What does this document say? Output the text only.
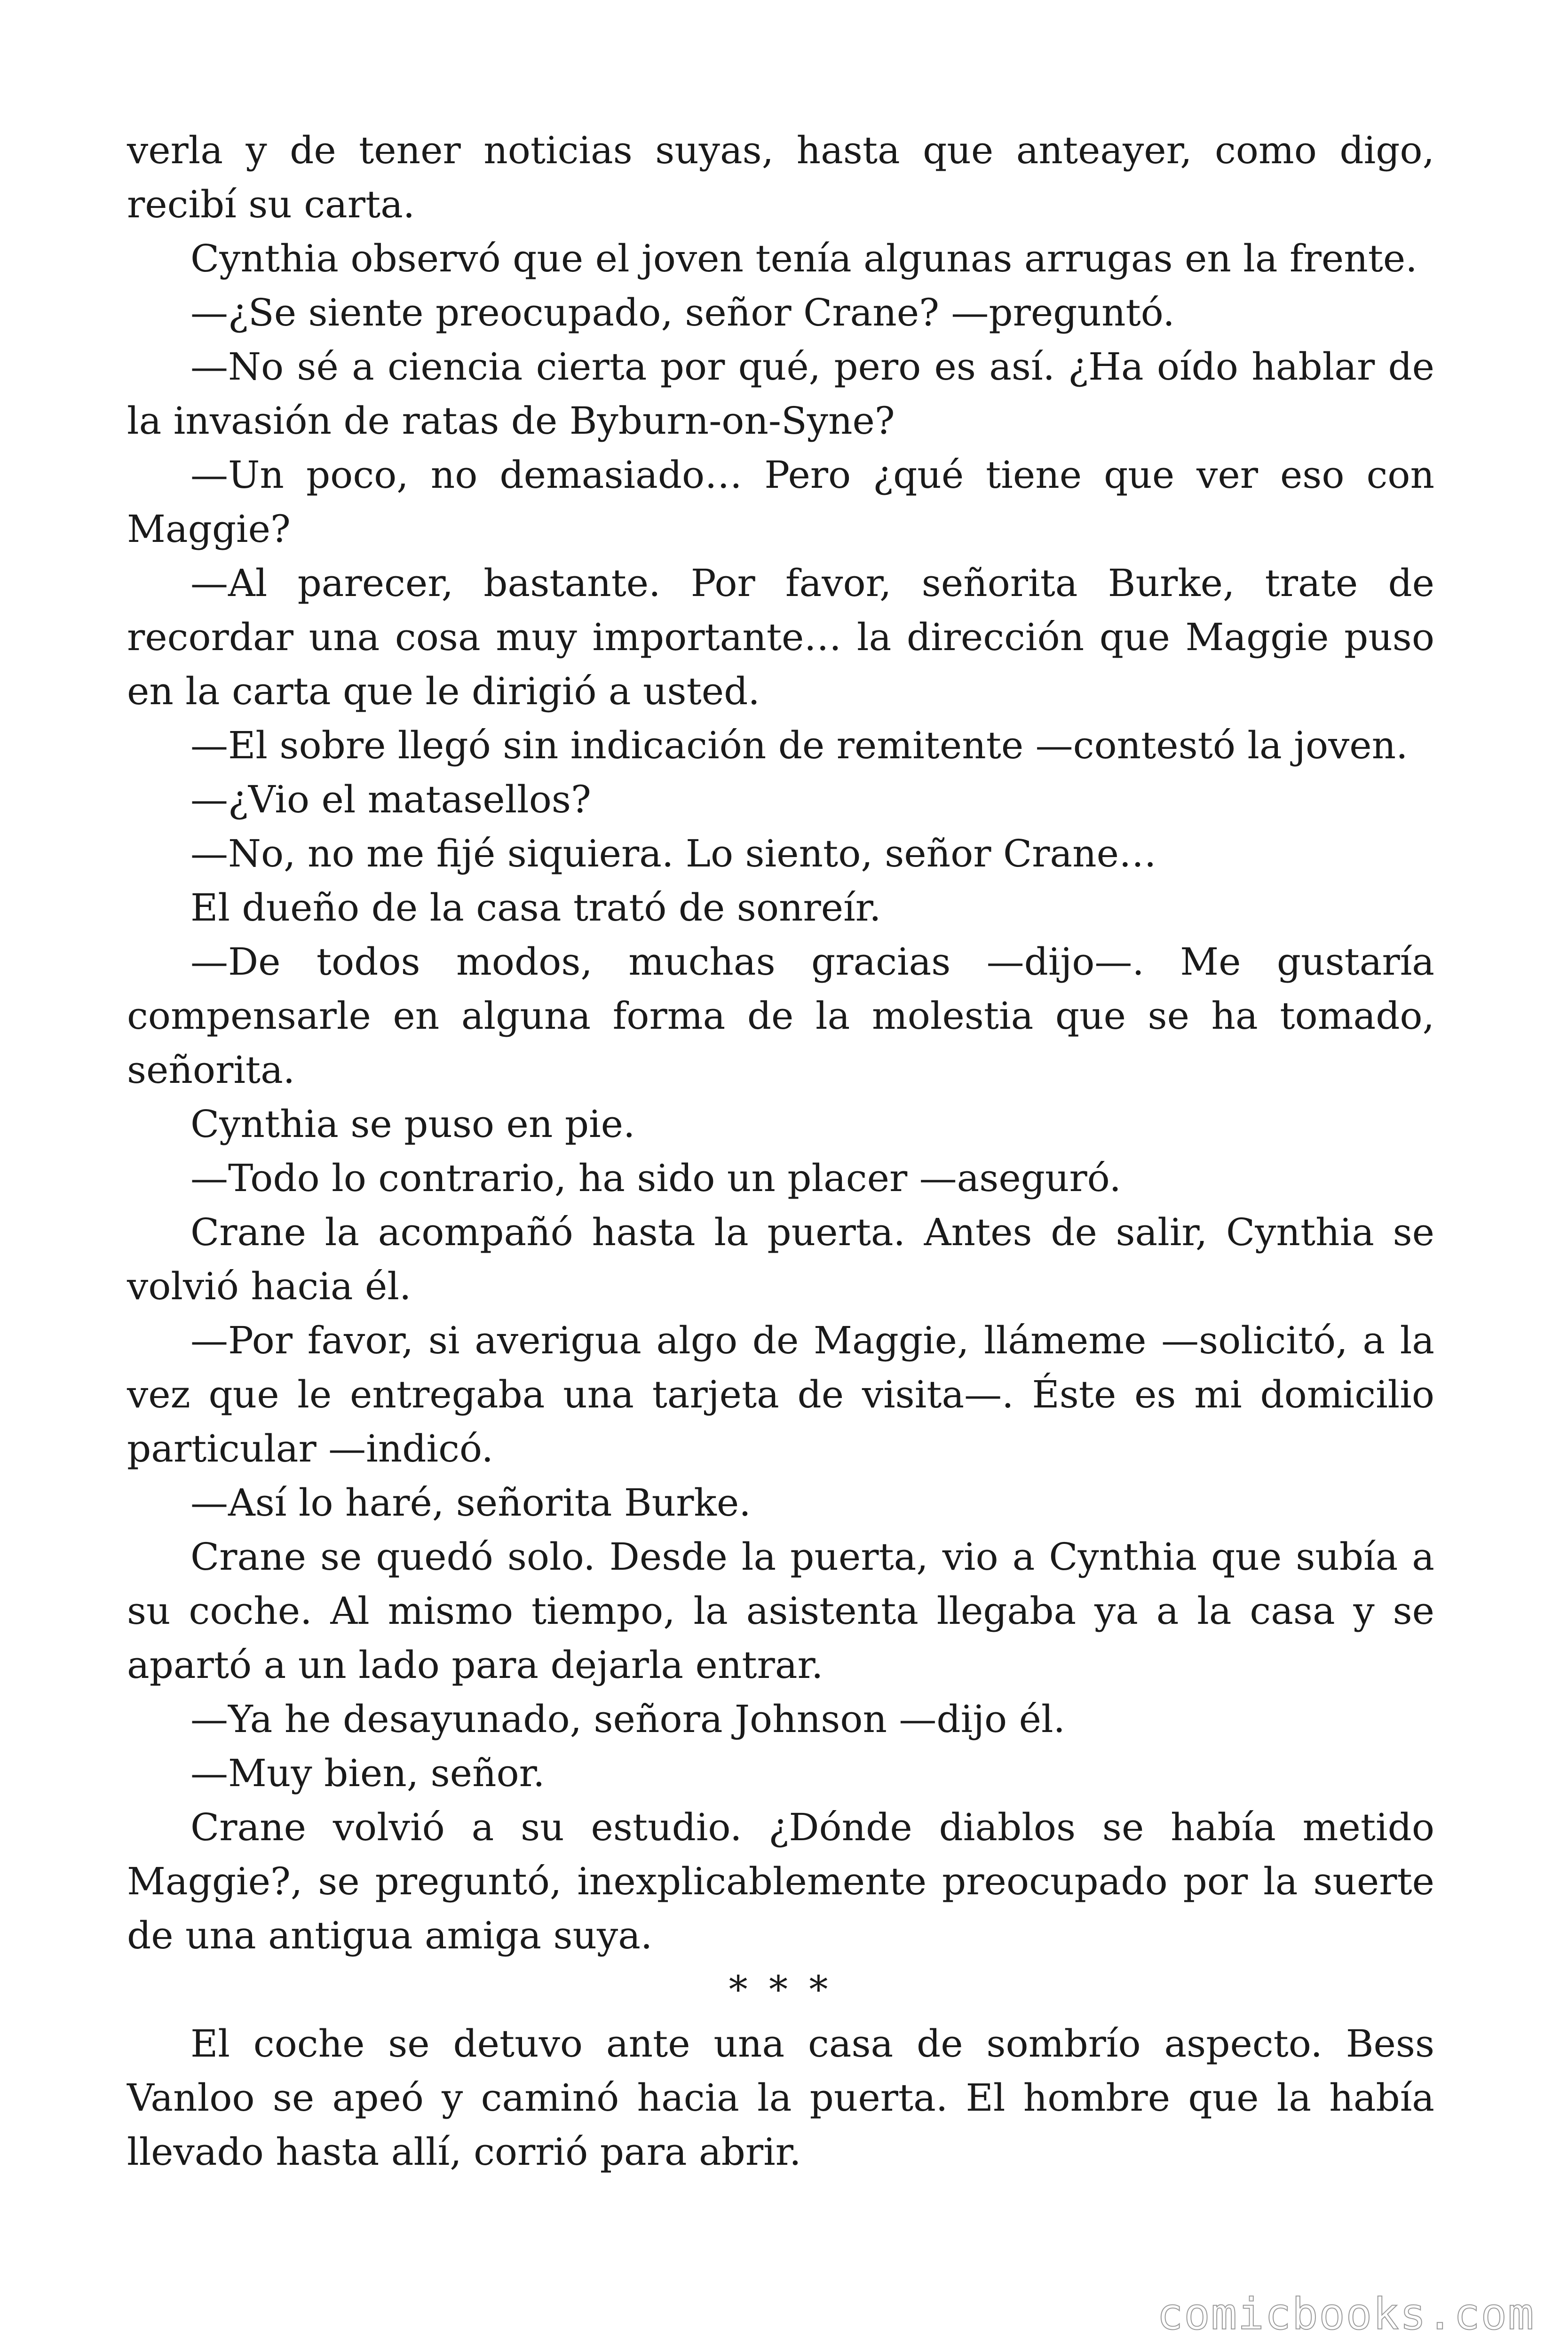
verla y de tener noticias suyas, hasta que anteayer, como digo, recibí su carta.

Cynthia observó que el joven tenía algunas arrugas en la frente.

—¿Se siente preocupado, señor Crane? —preguntó.

—No sé a ciencia cierta por qué, pero es así. ¿Ha oído hablar de la invasión de ratas de Byburn-on-Syne?

—Un poco, no demasiado… Pero ¿qué tiene que ver eso con Maggie?

—Al parecer, bastante. Por favor, señorita Burke, trate de recordar una cosa muy importante… la dirección que Maggie puso en la carta que le dirigió a usted.

—El sobre llegó sin indicación de remitente —contestó la joven.

—¿Vio el matasellos?

—No, no me fijé siquiera. Lo siento, señor Crane…

El dueño de la casa trató de sonreír.

—De todos modos, muchas gracias —dijo—. Me gustaría compensarle en alguna forma de la molestia que se ha tomado, señorita.

Cynthia se puso en pie.

—Todo lo contrario, ha sido un placer —aseguró.

Crane la acompañó hasta la puerta. Antes de salir, Cynthia se volvió hacia él.

—Por favor, si averigua algo de Maggie, llámeme —solicitó, a la vez que le entregaba una tarjeta de visita—. Éste es mi domicilio particular —indicó.

—Así lo haré, señorita Burke.

Crane se quedó solo. Desde la puerta, vio a Cynthia que subía a su coche. Al mismo tiempo, la asistenta llegaba ya a la casa y se apartó a un lado para dejarla entrar.

—Ya he desayunado, señora Johnson —dijo él.

—Muy bien, señor.

Crane volvió a su estudio. ¿Dónde diablos se había metido Maggie?, se preguntó, inexplicablemente preocupado por la suerte de una antigua amiga suya.

* * *

El coche se detuvo ante una casa de sombrío aspecto. Bess Vanloo se apeó y caminó hacia la puerta. El hombre que la había llevado hasta allí, corrió para abrir.

comicbooks.com
